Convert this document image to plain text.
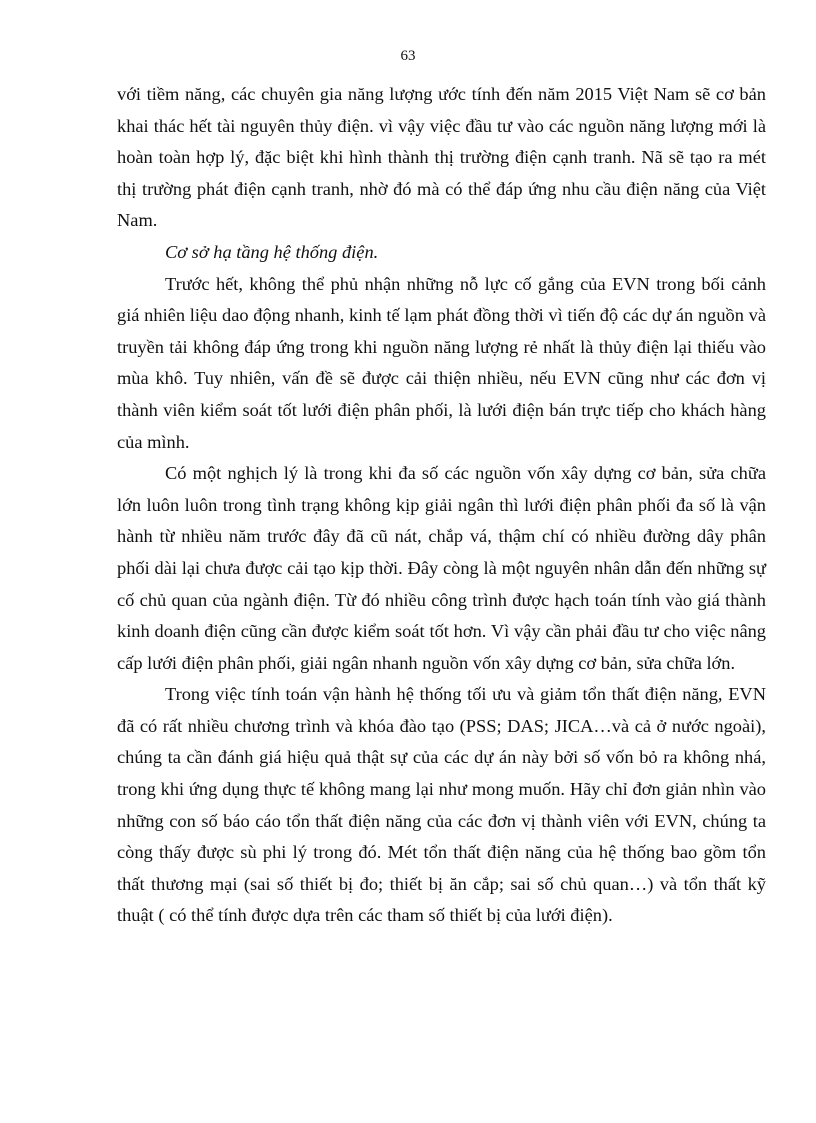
63

với tiềm năng, các chuyên gia năng lượng ước tính đến năm 2015 Việt Nam sẽ cơ bản khai thác hết tài nguyên thủy điện. vì vậy việc đầu tư vào các nguồn năng lượng mới là hoàn toàn hợp lý, đặc biệt khi hình thành thị trường điện cạnh tranh. Nã sẽ tạo ra mét thị trường phát điện cạnh tranh, nhờ đó mà có thể đáp ứng nhu cầu điện năng của Việt Nam.

Cơ sở hạ tầng hệ thống điện.

Trước hết, không thể phủ nhận những nỗ lực cố gắng của EVN trong bối cảnh giá nhiên liệu dao động nhanh, kinh tế lạm phát đồng thời vì tiến độ các dự án nguồn và truyền tải không đáp ứng trong khi nguồn năng lượng rẻ nhất là thủy điện lại thiếu vào mùa khô. Tuy nhiên, vấn đề sẽ được cải thiện nhiều, nếu EVN cũng như các đơn vị thành viên kiểm soát tốt lưới điện phân phối, là lưới điện bán trực tiếp cho khách hàng của mình.

Có một nghịch lý là trong khi đa số các nguồn vốn xây dựng cơ bản, sửa chữa lớn luôn luôn trong tình trạng không kịp giải ngân thì lưới điện phân phối đa số là vận hành từ nhiều năm trước đây đã cũ nát, chắp vá, thậm chí có nhiều đường dây phân phối dài lại chưa được cải tạo kịp thời. Đây còng là một nguyên nhân dẫn đến những sự cố chủ quan của ngành điện. Từ đó nhiều công trình được hạch toán tính vào giá thành kinh doanh điện cũng cần được kiểm soát tốt hơn. Vì vậy cần phải đầu tư cho việc nâng cấp lưới điện phân phối, giải ngân nhanh nguồn vốn xây dựng cơ bản, sửa chữa lớn.

Trong việc tính toán vận hành hệ thống tối ưu và giảm tổn thất điện năng, EVN đã có rất nhiều chương trình và khóa đào tạo (PSS; DAS; JICA…và cả ở nước ngoài), chúng ta cần đánh giá hiệu quả thật sự của các dự án này bởi số vốn bỏ ra không nhá, trong khi ứng dụng thực tế không mang lại như mong muốn. Hãy chỉ đơn giản nhìn vào những con số báo cáo tổn thất điện năng của các đơn vị thành viên với EVN, chúng ta còng thấy được sù phi lý trong đó. Mét tổn thất điện năng của hệ thống bao gồm tổn thất thương mại (sai số thiết bị đo; thiết bị ăn cắp; sai số chủ quan…) và tổn thất kỹ thuật ( có thể tính được dựa trên các tham số thiết bị của lưới điện).
